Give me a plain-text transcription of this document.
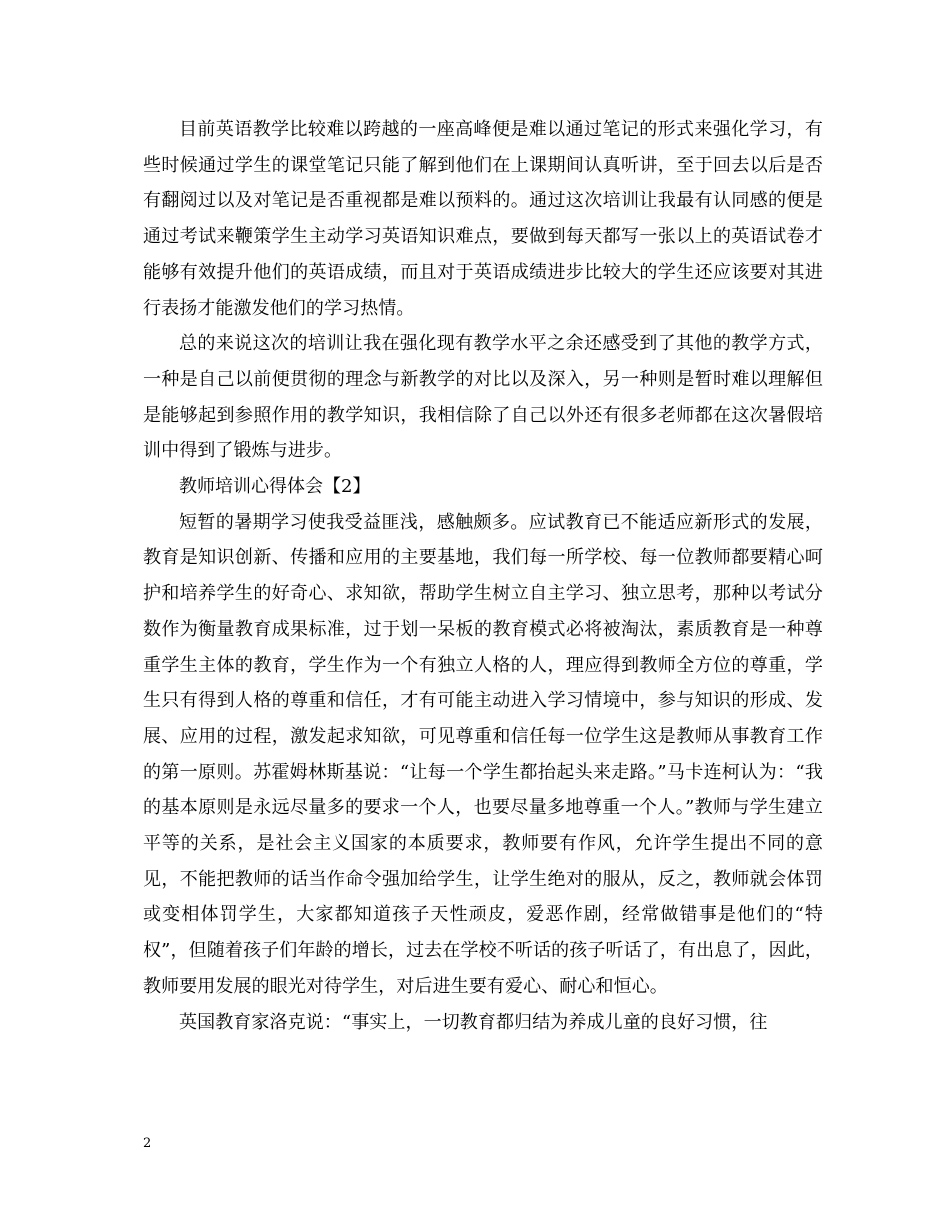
目前英语教学比较难以跨越的一座高峰便是难以通过笔记的形式来强化学习，有些时候通过学生的课堂笔记只能了解到他们在上课期间认真听讲，至于回去以后是否有翻阅过以及对笔记是否重视都是难以预料的。通过这次培训让我最有认同感的便是通过考试来鞭策学生主动学习英语知识难点，要做到每天都写一张以上的英语试卷才能够有效提升他们的英语成绩，而且对于英语成绩进步比较大的学生还应该要对其进行表扬才能激发他们的学习热情。

总的来说这次的培训让我在强化现有教学水平之余还感受到了其他的教学方式，一种是自己以前便贯彻的理念与新教学的对比以及深入，另一种则是暂时难以理解但是能够起到参照作用的教学知识，我相信除了自己以外还有很多老师都在这次暑假培训中得到了锻炼与进步。

教师培训心得体会【2】

短暂的暑期学习使我受益匪浅，感触颇多。应试教育已不能适应新形式的发展，教育是知识创新、传播和应用的主要基地，我们每一所学校、每一位教师都要精心呵护和培养学生的好奇心、求知欲，帮助学生树立自主学习、独立思考，那种以考试分数作为衡量教育成果标准，过于划一呆板的教育模式必将被淘汰，素质教育是一种尊重学生主体的教育，学生作为一个有独立人格的人，理应得到教师全方位的尊重，学生只有得到人格的尊重和信任，才有可能主动进入学习情境中，参与知识的形成、发展、应用的过程，激发起求知欲，可见尊重和信任每一位学生这是教师从事教育工作的第一原则。苏霍姆林斯基说：“让每一个学生都抬起头来走路。”马卡连柯认为：“我的基本原则是永远尽量多的要求一个人，也要尽量多地尊重一个人。”教师与学生建立平等的关系，是社会主义国家的本质要求，教师要有作风，允许学生提出不同的意见，不能把教师的话当作命令强加给学生，让学生绝对的服从，反之，教师就会体罚或变相体罚学生，大家都知道孩子天性顽皮，爱恶作剧，经常做错事是他们的“特权”，但随着孩子们年龄的增长，过去在学校不听话的孩子听话了，有出息了，因此，教师要用发展的眼光对待学生，对后进生要有爱心、耐心和恒心。

英国教育家洛克说：“事实上，一切教育都归结为养成儿童的良好习惯，往

2
